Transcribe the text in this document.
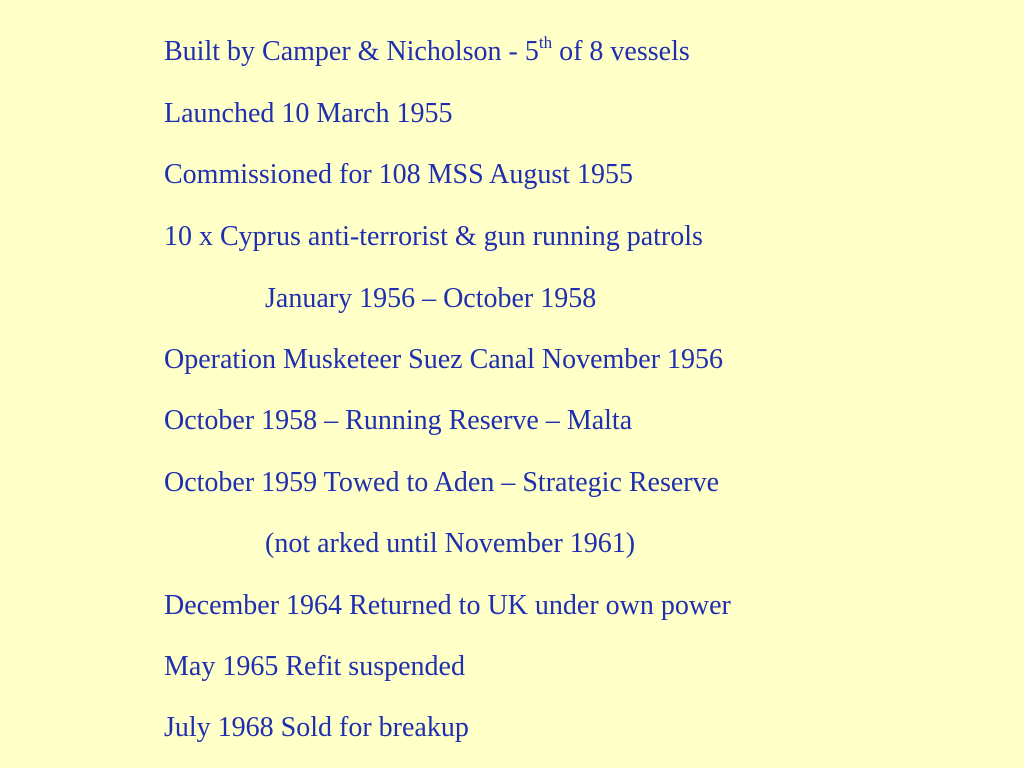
Built by Camper & Nicholson - 5th of 8 vessels

Launched 10 March 1955

Commissioned for 108 MSS August 1955

10 x Cyprus anti-terrorist & gun running patrols

January 1956 – October 1958

Operation Musketeer Suez Canal November 1956

October 1958 – Running Reserve – Malta

October 1959 Towed to Aden – Strategic Reserve

(not arked until November 1961)

December 1964 Returned to UK under own power

May 1965 Refit suspended

July 1968 Sold for breakup
